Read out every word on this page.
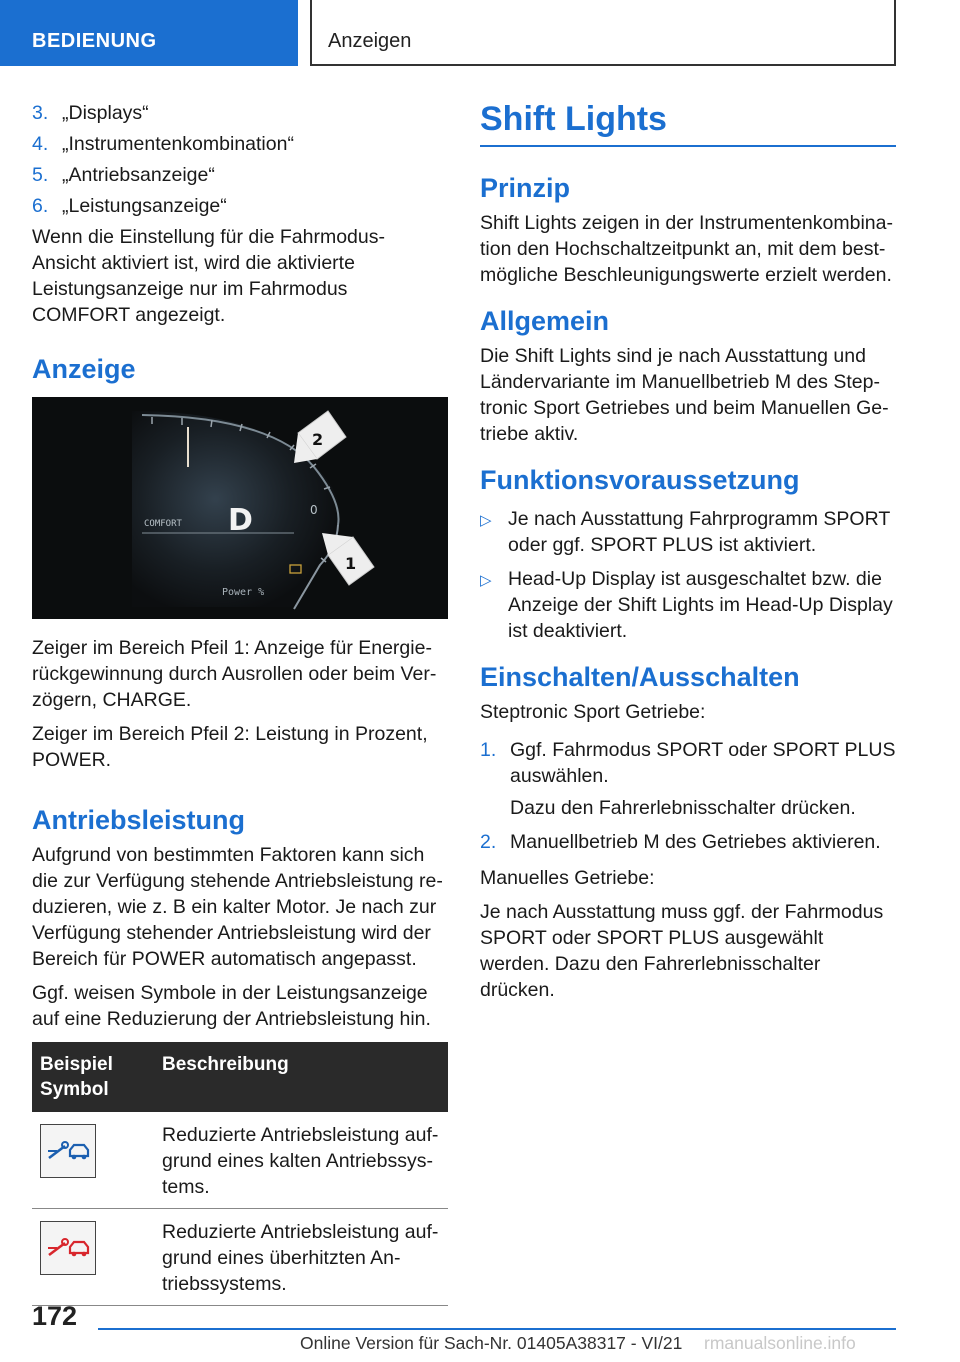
BEDIENUNG	Anzeigen
3. „Displays“
4. „Instrumentenkombination“
5. „Antriebsanzeige“
6. „Leistungsanzeige“

Wenn die Einstellung für die Fahrmodus-Ansicht aktiviert ist, wird die aktivierte Leistungsanzeige nur im Fahrmodus COMFORT angezeigt.

Anzeige
COMFORT D	0
Power %
2
1

Zeiger im Bereich Pfeil 1: Anzeige für Energierückgewinnung durch Ausrollen oder beim Verzögern, CHARGE.

Zeiger im Bereich Pfeil 2: Leistung in Prozent, POWER.

Antriebsleistung

Aufgrund von bestimmten Faktoren kann sich die zur Verfügung stehende Antriebsleistung reduzieren, wie z. B ein kalter Motor. Je nach zur Verfügung stehender Antriebsleistung wird der Bereich für POWER automatisch angepasst.

Ggf. weisen Symbole in der Leistungsanzeige auf eine Reduzierung der Antriebsleistung hin.

Beispiel Symbol	Beschreibung

	Reduzierte Antriebsleistung aufgrund eines kalten Antriebssystems.

	Reduzierte Antriebsleistung aufgrund eines überhitzten Antriebssystems.
Shift Lights
Prinzip

Shift Lights zeigen in der Instrumentenkombination den Hochschaltzeitpunkt an, mit dem bestmögliche Beschleunigungswerte erzielt werden.

Allgemein

Die Shift Lights sind je nach Ausstattung und Ländervariante im Manuellbetrieb M des Steptronic Sport Getriebes und beim Manuellen Getriebe aktiv.

Funktionsvoraussetzung
▷ Je nach Ausstattung Fahrprogramm SPORT oder ggf. SPORT PLUS ist aktiviert.
▷ Head-Up Display ist ausgeschaltet bzw. die Anzeige der Shift Lights im Head-Up Display ist deaktiviert.
Einschalten/Ausschalten

Steptronic Sport Getriebe:

1. Ggf. Fahrmodus SPORT oder SPORT PLUS auswählen.
Dazu den Fahrerlebnisschalter drücken.
2. Manuellbetrieb M des Getriebes aktivieren.

Manuelles Getriebe:

Je nach Ausstattung muss ggf. der Fahrmodus SPORT oder SPORT PLUS ausgewählt werden. Dazu den Fahrerlebnisschalter drücken.

172
Online Version für Sach-Nr. 01405A38317 - VI/21 rmanualsonline.info
